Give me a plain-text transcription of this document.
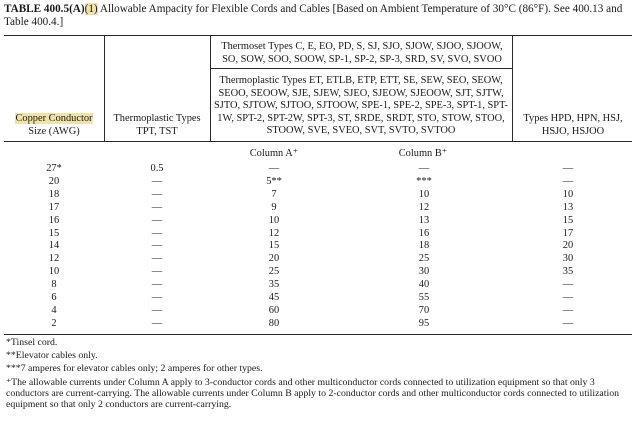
TABLE 400.5(A)(1) Allowable Ampacity for Flexible Cords and Cables [Based on Ambient Temperature of 30°C (86°F). See 400.13 and Table 400.4.]
Copper Conductor
Size (AWG)
Thermoplastic Types TPT, TST
Thermoset Types C, E, EO, PD, S, SJ, SJO, SJOW, SJOO, SJOOW, SO, SOW, SOO, SOOW, SP-1, SP-2, SP-3, SRD, SV, SVO, SVOO
Thermoplastic Types ET, ETLB, ETP, ETT, SE, SEW, SEO, SEOW, SEOO, SEOOW, SJE, SJEW, SJEO, SJEOW, SJEOOW, SJT, SJTW, SJTO, SJTOW, SJTOO, SJTOOW, SPE-1, SPE-2, SPE-3, SPT-1, SPT-1W, SPT-2, SPT-2W, SPT-3, ST, SRDE, SRDT, STO, STOW, STOO, STOOW, SVE, SVEO, SVT, SVTO, SVTOO
Types HPD, HPN, HSJ, HSJO, HSJOO
Column A⁺	Column B⁺
27*
20
18
17
16
15
14
12
10
8
6
4
2
0.5
—
—
—
—
—
—
—
—
—
—
—
—
—
5**
7
9
10
12
15
20
25
35
45
60
80
—
***
10
12
13
16
18
25
30
40
55
70
95
—
—
10
13
15
17
20
30
35
—
—
—
—
*Tinsel cord.
**Elevator cables only.
***7 amperes for elevator cables only; 2 amperes for other types.
⁺The allowable currents under Column A apply to 3-conductor cords and other multiconductor cords connected to utilization equipment so that only 3 conductors are current-carrying. The allowable currents under Column B apply to 2-conductor cords and other multiconductor cords connected to utilization equipment so that only 2 conductors are current-carrying.
